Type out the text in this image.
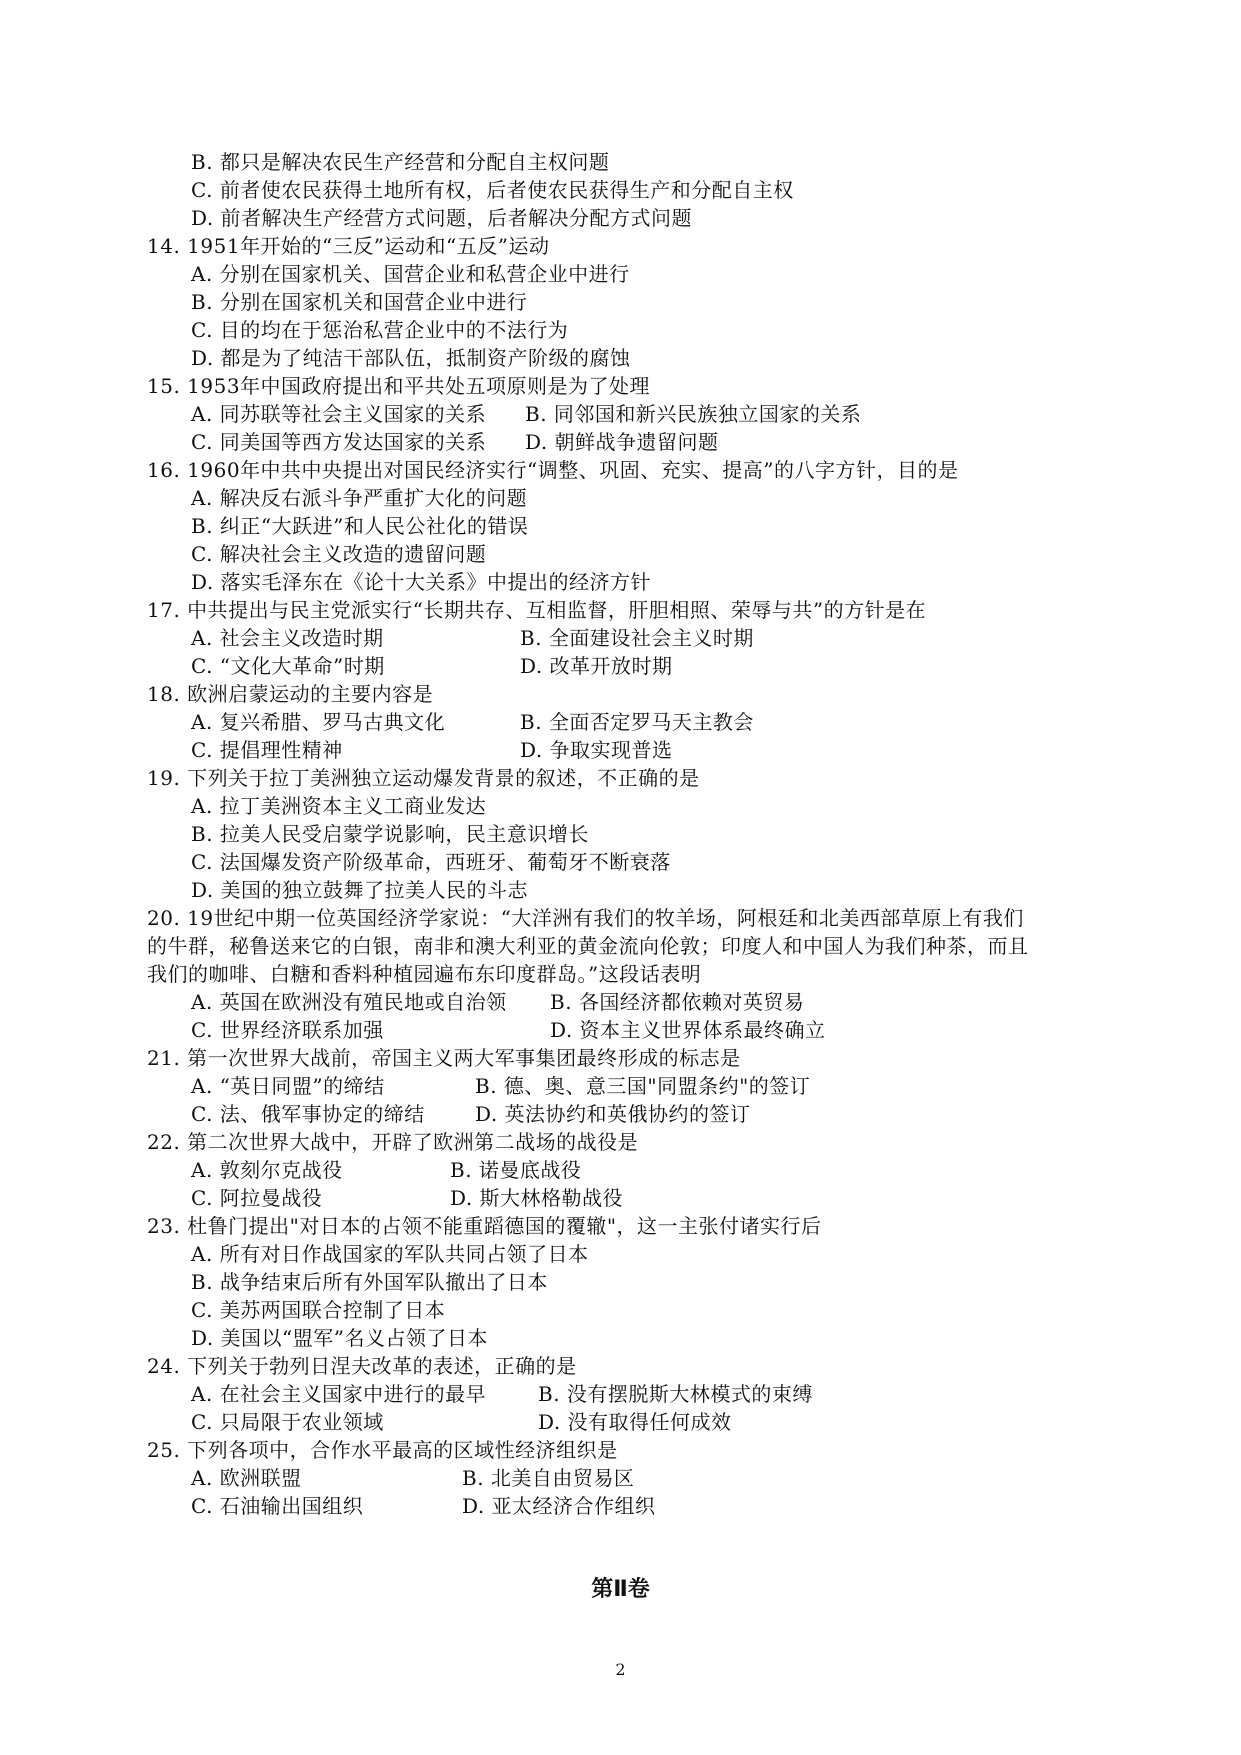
B. 都只是解决农民生产经营和分配自主权问题
C. 前者使农民获得土地所有权，后者使农民获得生产和分配自主权
D. 前者解决生产经营方式问题，后者解决分配方式问题
14. 1951年开始的“三反”运动和“五反”运动
A. 分别在国家机关、国营企业和私营企业中进行
B. 分别在国家机关和国营企业中进行
C. 目的均在于惩治私营企业中的不法行为
D. 都是为了纯洁干部队伍，抵制资产阶级的腐蚀
15. 1953年中国政府提出和平共处五项原则是为了处理
A. 同苏联等社会主义国家的关系 B. 同邻国和新兴民族独立国家的关系
C. 同美国等西方发达国家的关系 D. 朝鲜战争遗留问题
16. 1960年中共中央提出对国民经济实行“调整、巩固、充实、提高”的八字方针，目的是
A. 解决反右派斗争严重扩大化的问题
B. 纠正“大跃进”和人民公社化的错误
C. 解决社会主义改造的遗留问题
D. 落实毛泽东在《论十大关系》中提出的经济方针
17. 中共提出与民主党派实行“长期共存、互相监督，肝胆相照、荣辱与共”的方针是在
A. 社会主义改造时期	B. 全面建设社会主义时期
C. “文化大革命”时期	D. 改革开放时期
18. 欧洲启蒙运动的主要内容是
A. 复兴希腊、罗马古典文化	B. 全面否定罗马天主教会
C. 提倡理性精神	D. 争取实现普选
19. 下列关于拉丁美洲独立运动爆发背景的叙述，不正确的是
A. 拉丁美洲资本主义工商业发达
B. 拉美人民受启蒙学说影响，民主意识增长
C. 法国爆发资产阶级革命，西班牙、葡萄牙不断衰落
D. 美国的独立鼓舞了拉美人民的斗志
20. 19世纪中期一位英国经济学家说：“大洋洲有我们的牧羊场，阿根廷和北美西部草原上有我们
的牛群，秘鲁送来它的白银，南非和澳大利亚的黄金流向伦敦；印度人和中国人为我们种茶，而且
我们的咖啡、白糖和香料种植园遍布东印度群岛。”这段话表明
A. 英国在欧洲没有殖民地或自治领 B. 各国经济都依赖对英贸易
C. 世界经济联系加强	D. 资本主义世界体系最终确立
21. 第一次世界大战前，帝国主义两大军事集团最终形成的标志是
A. “英日同盟”的缔结	B. 德、奥、意三国"同盟条约"的签订
C. 法、俄军事协定的缔结	D. 英法协约和英俄协约的签订
22. 第二次世界大战中，开辟了欧洲第二战场的战役是
A. 敦刻尔克战役	B. 诺曼底战役
C. 阿拉曼战役	D. 斯大林格勒战役
23. 杜鲁门提出"对日本的占领不能重蹈德国的覆辙"，这一主张付诸实行后
A. 所有对日作战国家的军队共同占领了日本
B. 战争结束后所有外国军队撤出了日本
C. 美苏两国联合控制了日本
D. 美国以“盟军”名义占领了日本
24. 下列关于勃列日涅夫改革的表述，正确的是
A. 在社会主义国家中进行的最早	B. 没有摆脱斯大林模式的束缚
C. 只局限于农业领域	D. 没有取得任何成效
25. 下列各项中，合作水平最高的区域性经济组织是
A. 欧洲联盟	B. 北美自由贸易区
C. 石油输出国组织	D. 亚太经济合作组织
第Ⅱ卷
2
